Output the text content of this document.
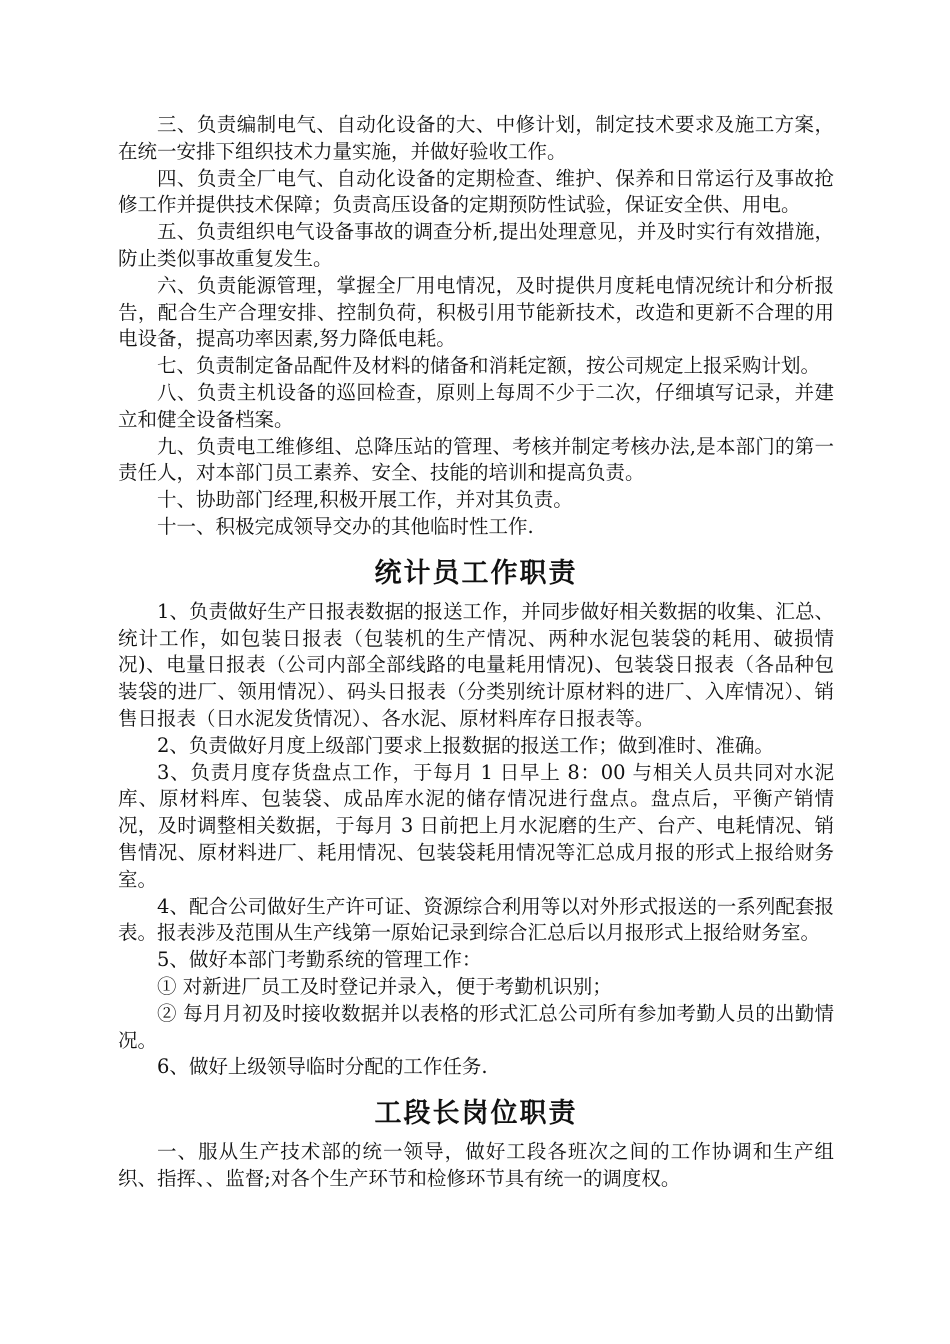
三、负责编制电气、自动化设备的大、中修计划，制定技术要求及施工方案，在统一安排下组织技术力量实施，并做好验收工作。

四、负责全厂电气、自动化设备的定期检查、维护、保养和日常运行及事故抢修工作并提供技术保障；负责高压设备的定期预防性试验，保证安全供、用电。

五、负责组织电气设备事故的调查分析,提出处理意见，并及时实行有效措施，防止类似事故重复发生。

六、负责能源管理，掌握全厂用电情况，及时提供月度耗电情况统计和分析报告，配合生产合理安排、控制负荷，积极引用节能新技术，改造和更新不合理的用电设备，提高功率因素,努力降低电耗。

七、负责制定备品配件及材料的储备和消耗定额，按公司规定上报采购计划。

八、负责主机设备的巡回检查，原则上每周不少于二次，仔细填写记录，并建立和健全设备档案。

九、负责电工维修组、总降压站的管理、考核并制定考核办法,是本部门的第一责任人，对本部门员工素养、安全、技能的培训和提高负责。

十、协助部门经理,积极开展工作，并对其负责。

十一、积极完成领导交办的其他临时性工作.

统计员工作职责

1、负责做好生产日报表数据的报送工作，并同步做好相关数据的收集、汇总、统计工作，如包装日报表（包装机的生产情况、两种水泥包装袋的耗用、破损情况)、电量日报表（公司内部全部线路的电量耗用情况)、包装袋日报表（各品种包装袋的进厂、领用情况）、码头日报表（分类别统计原材料的进厂、入库情况）、销售日报表（日水泥发货情况）、各水泥、原材料库存日报表等。

2、负责做好月度上级部门要求上报数据的报送工作；做到准时、准确。

3、负责月度存货盘点工作，于每月 1 日早上 8：00 与相关人员共同对水泥库、原材料库、包装袋、成品库水泥的储存情况进行盘点。盘点后，平衡产销情况，及时调整相关数据，于每月 3 日前把上月水泥磨的生产、台产、电耗情况、销售情况、原材料进厂、耗用情况、包装袋耗用情况等汇总成月报的形式上报给财务室。

4、配合公司做好生产许可证、资源综合利用等以对外形式报送的一系列配套报表。报表涉及范围从生产线第一原始记录到综合汇总后以月报形式上报给财务室。

5、做好本部门考勤系统的管理工作：

① 对新进厂员工及时登记并录入，便于考勤机识别；

② 每月月初及时接收数据并以表格的形式汇总公司所有参加考勤人员的出勤情况。

6、做好上级领导临时分配的工作任务.

工段长岗位职责

一、服从生产技术部的统一领导，做好工段各班次之间的工作协调和生产组织、指挥、、监督;对各个生产环节和检修环节具有统一的调度权。
